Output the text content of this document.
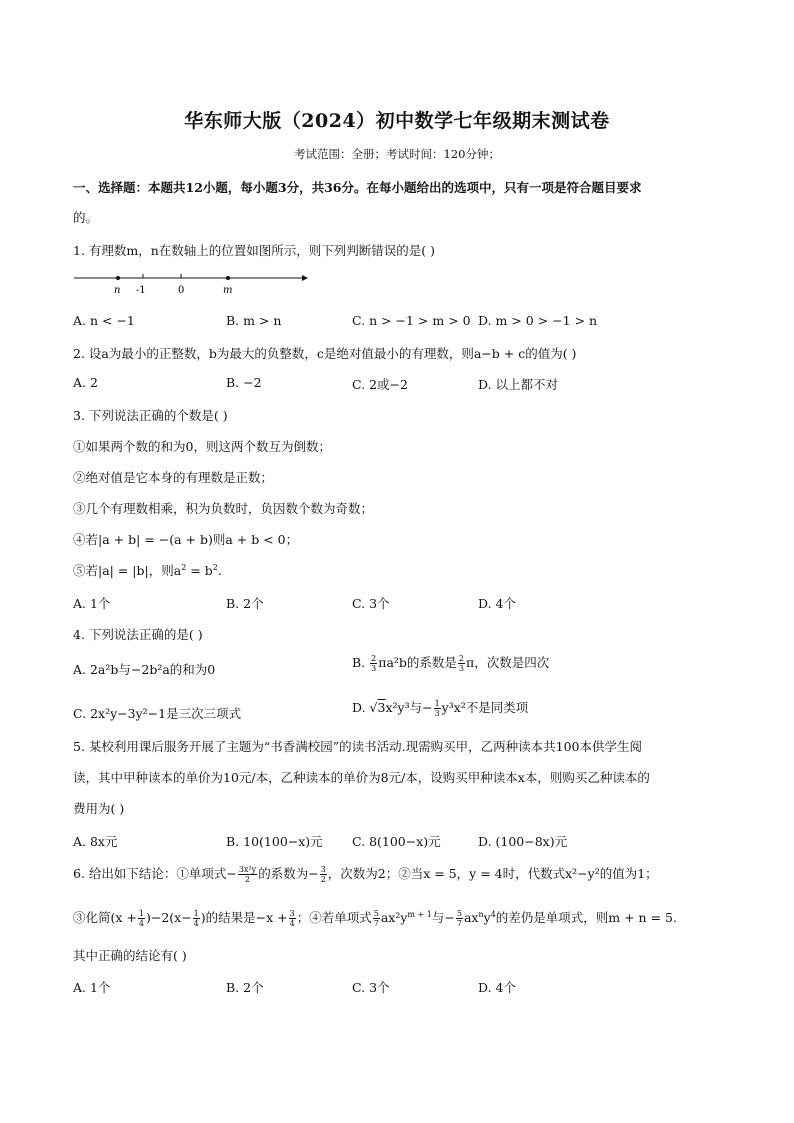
华东师大版（2024）初中数学七年级期末测试卷
考试范围：全册；考试时间：120分钟；
一、选择题：本题共12小题，每小题3分，共36分。在每小题给出的选项中，只有一项是符合题目要求
的。
1. 有理数m，n在数轴上的位置如图所示，则下列判断错误的是( )
n -1	0	m
A. n < −1	B. m > n	C. n > −1 > m > 0 D. m > 0 > −1 > n
2. 设a为最小的正整数，b为最大的负整数，c是绝对值最小的有理数，则a−b + c的值为( )
A. 2	B. −2	C. 2或−2	D. 以上都不对
3. 下列说法正确的个数是( )
①如果两个数的和为0，则这两个数互为倒数；
②绝对值是它本身的有理数是正数；
③几个有理数相乘，积为负数时，负因数个数为奇数；
④若|a + b| = −(a + b)则a + b < 0；
⑤若|a| = |b|，则$a^2 = b^2$.
A. 1个	B. 2个	C. 3个	D. 4个
4. 下列说法正确的是( )
A. 2a²b与−2b²a的和为0	B. $\frac{2}{3} \pi a^2b$的系数是 $\frac{2}{3}$ π，次数是四次
C. 2x²y−3y²−1是三次三项式	D. √3x²y³与− $\frac{1}{3} y^3x^2$不是同类项
5. 某校利用课后服务开展了主题为“书香满校园”的读书活动.现需购买甲，乙两种读本共100本供学生阅
读，其中甲种读本的单价为10元/本，乙种读本的单价为8元/本，设购买甲种读本x本，则购买乙种读本的
费用为( )
A. 8x元	B. 10(100−x)元 C. 8(100−x)元	D. (100−8x)元
6. 给出如下结论：①单项式− $\frac{\text{3x²y}}{2}$ 的系数为− $\frac{3}{2}$ ，次数为2；②当x = 5，y = 4时，代数式x²−y²的值为1；
③化简$(x + \frac{1}{4} )-2(x- \frac{1}{4}$ )的结果是$-x + \frac{3}{4}$ ；④若单项式 $\frac{5}{7} ax^2y^{m + 1}$与− $\frac{5}{7} ax^ny^4$的差仍是单项式，则m + n = 5.
其中正确的结论有( )
A. 1个	B. 2个	C. 3个	D. 4个
